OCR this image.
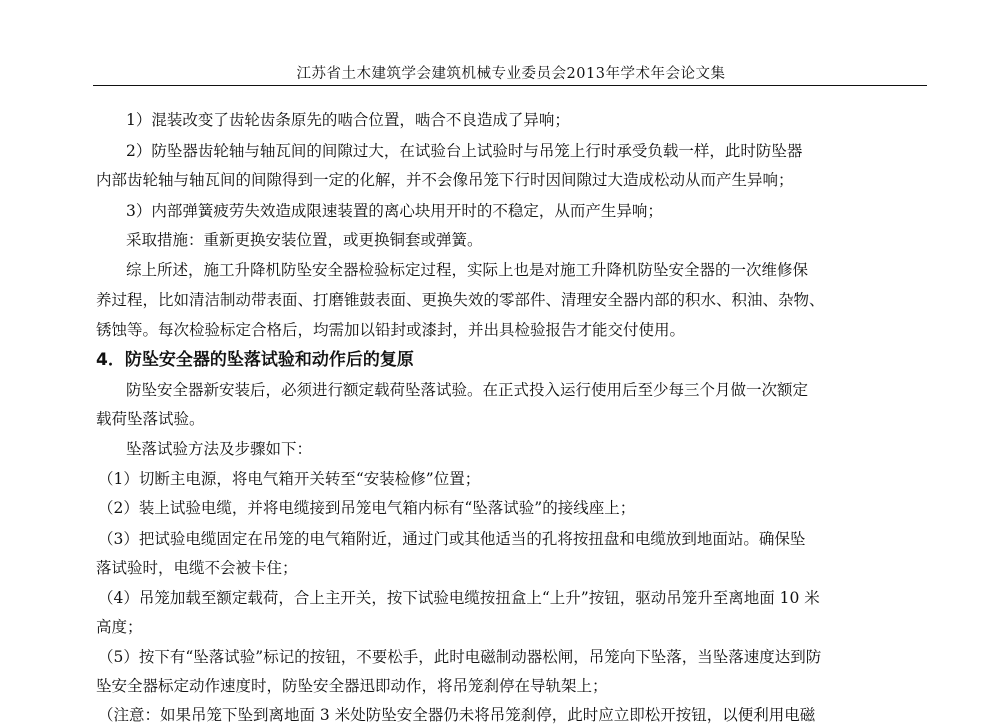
江苏省土木建筑学会建筑机械专业委员会2013年学术年会论文集
1）混装改变了齿轮齿条原先的啮合位置，啮合不良造成了异响；
2）防坠器齿轮轴与轴瓦间的间隙过大，在试验台上试验时与吊笼上行时承受负载一样，此时防坠器
内部齿轮轴与轴瓦间的间隙得到一定的化解，并不会像吊笼下行时因间隙过大造成松动从而产生异响；
3）内部弹簧疲劳失效造成限速装置的离心块用开时的不稳定，从而产生异响；
采取措施：重新更换安装位置，或更换铜套或弹簧。
综上所述，施工升降机防坠安全器检验标定过程，实际上也是对施工升降机防坠安全器的一次维修保
养过程，比如清洁制动带表面、打磨锥鼓表面、更换失效的零部件、清理安全器内部的积水、积油、杂物、
锈蚀等。每次检验标定合格后，均需加以铅封或漆封，并出具检验报告才能交付使用。
4．防坠安全器的坠落试验和动作后的复原
防坠安全器新安装后，必须进行额定载荷坠落试验。在正式投入运行使用后至少每三个月做一次额定
载荷坠落试验。
坠落试验方法及步骤如下：
（1）切断主电源，将电气箱开关转至“安装检修”位置；
（2）装上试验电缆，并将电缆接到吊笼电气箱内标有“坠落试验”的接线座上；
（3）把试验电缆固定在吊笼的电气箱附近，通过门或其他适当的孔将按扭盘和电缆放到地面站。确保坠
落试验时，电缆不会被卡住；
（4）吊笼加载至额定载荷，合上主开关，按下试验电缆按扭盒上“上升”按钮，驱动吊笼升至离地面 10 米
高度；
（5）按下有“坠落试验”标记的按钮，不要松手，此时电磁制动器松闸，吊笼向下坠落，当坠落速度达到防
坠安全器标定动作速度时，防坠安全器迅即动作，将吊笼刹停在导轨架上；
（注意：如果吊笼下坠到离地面 3 米处防坠安全器仍未将吊笼刹停，此时应立即松开按钮，以便利用电磁
